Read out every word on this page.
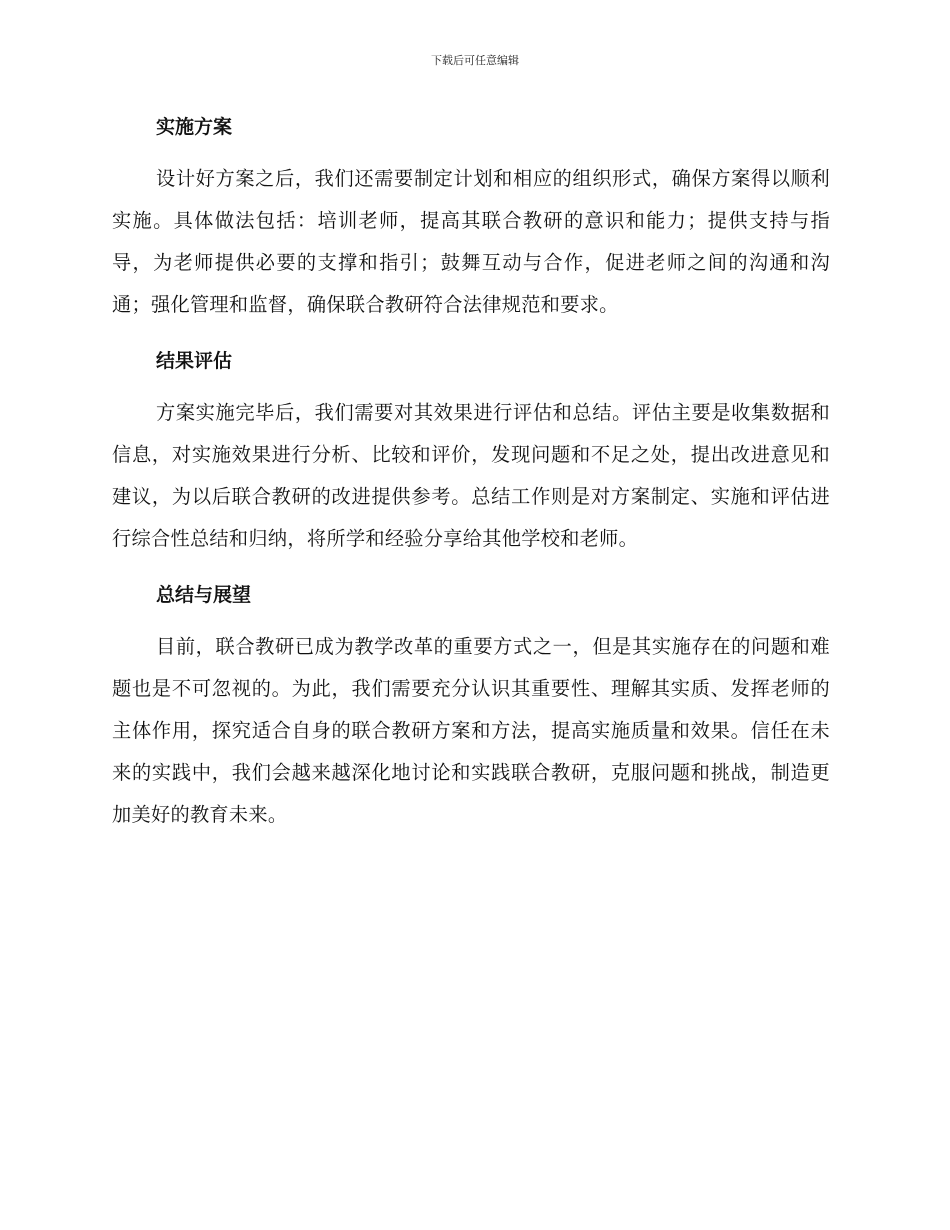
下载后可任意编辑
实施方案

设计好方案之后，我们还需要制定计划和相应的组织形式，确保方案得以顺利实施。具体做法包括：培训老师，提高其联合教研的意识和能力；提供支持与指导，为老师提供必要的支撑和指引；鼓舞互动与合作，促进老师之间的沟通和沟通；强化管理和监督，确保联合教研符合法律规范和要求。

结果评估

方案实施完毕后，我们需要对其效果进行评估和总结。评估主要是收集数据和信息，对实施效果进行分析、比较和评价，发现问题和不足之处，提出改进意见和建议，为以后联合教研的改进提供参考。总结工作则是对方案制定、实施和评估进行综合性总结和归纳，将所学和经验分享给其他学校和老师。

总结与展望

目前，联合教研已成为教学改革的重要方式之一，但是其实施存在的问题和难题也是不可忽视的。为此，我们需要充分认识其重要性、理解其实质、发挥老师的主体作用，探究适合自身的联合教研方案和方法，提高实施质量和效果。信任在未来的实践中，我们会越来越深化地讨论和实践联合教研，克服问题和挑战，制造更加美好的教育未来。
